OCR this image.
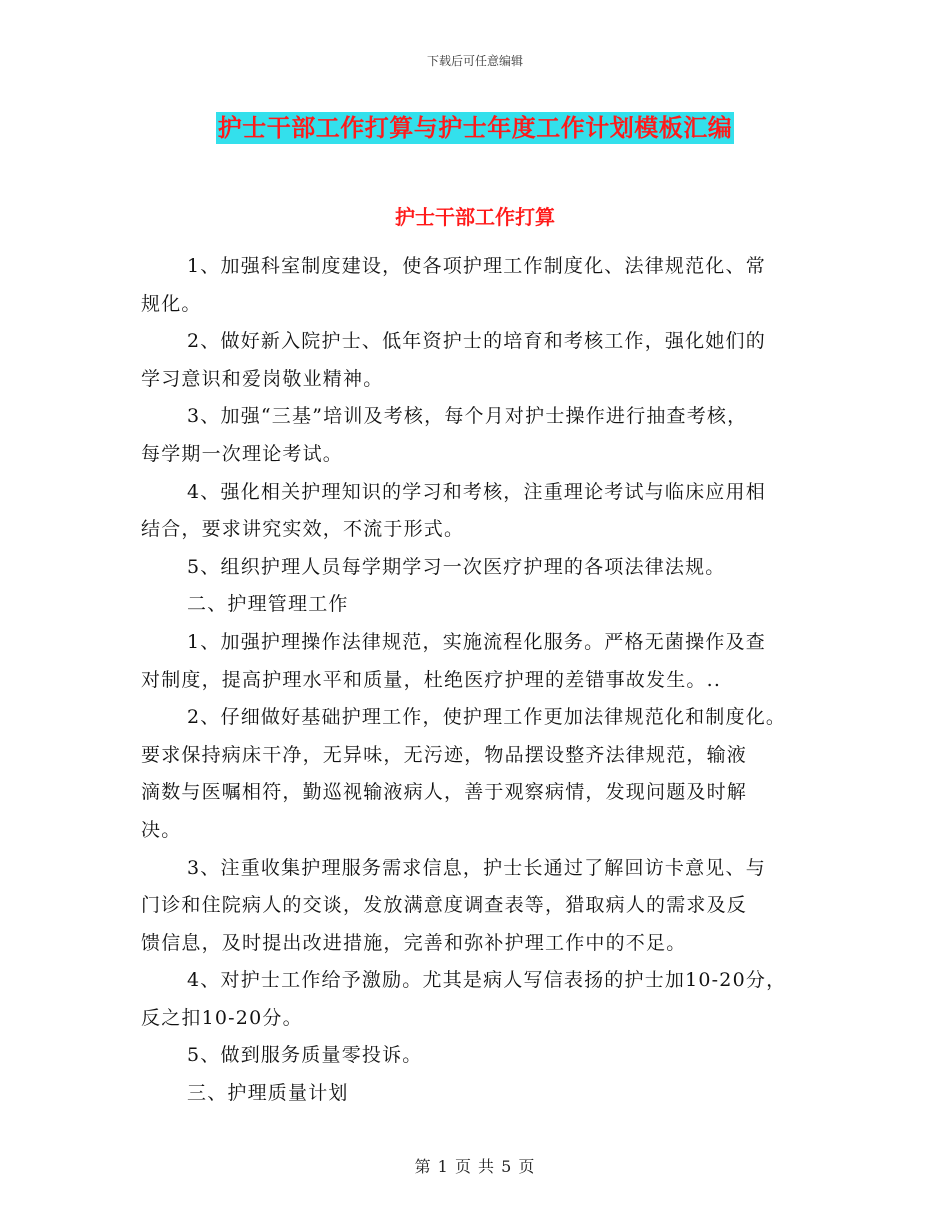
下载后可任意编辑
护士干部工作打算与护士年度工作计划模板汇编
护士干部工作打算
1、加强科室制度建设，使各项护理工作制度化、法律规范化、常
规化。
2、做好新入院护士、低年资护士的培育和考核工作，强化她们的
学习意识和爱岗敬业精神。
3、加强“三基”培训及考核，每个月对护士操作进行抽查考核，
每学期一次理论考试。
4、强化相关护理知识的学习和考核，注重理论考试与临床应用相
结合，要求讲究实效，不流于形式。
5、组织护理人员每学期学习一次医疗护理的各项法律法规。
二、护理管理工作
1、加强护理操作法律规范，实施流程化服务。严格无菌操作及查
对制度，提高护理水平和质量，杜绝医疗护理的差错事故发生。..
2、仔细做好基础护理工作，使护理工作更加法律规范化和制度化。
要求保持病床干净，无异味，无污迹，物品摆设整齐法律规范，输液
滴数与医嘱相符，勤巡视输液病人，善于观察病情，发现问题及时解
决。
3、注重收集护理服务需求信息，护士长通过了解回访卡意见、与
门诊和住院病人的交谈，发放满意度调查表等，猎取病人的需求及反
馈信息，及时提出改进措施，完善和弥补护理工作中的不足。
4、对护士工作给予激励。尤其是病人写信表扬的护士加10-20分，
反之扣10-20分。
5、做到服务质量零投诉。
三、护理质量计划
第 1 页 共 5 页
